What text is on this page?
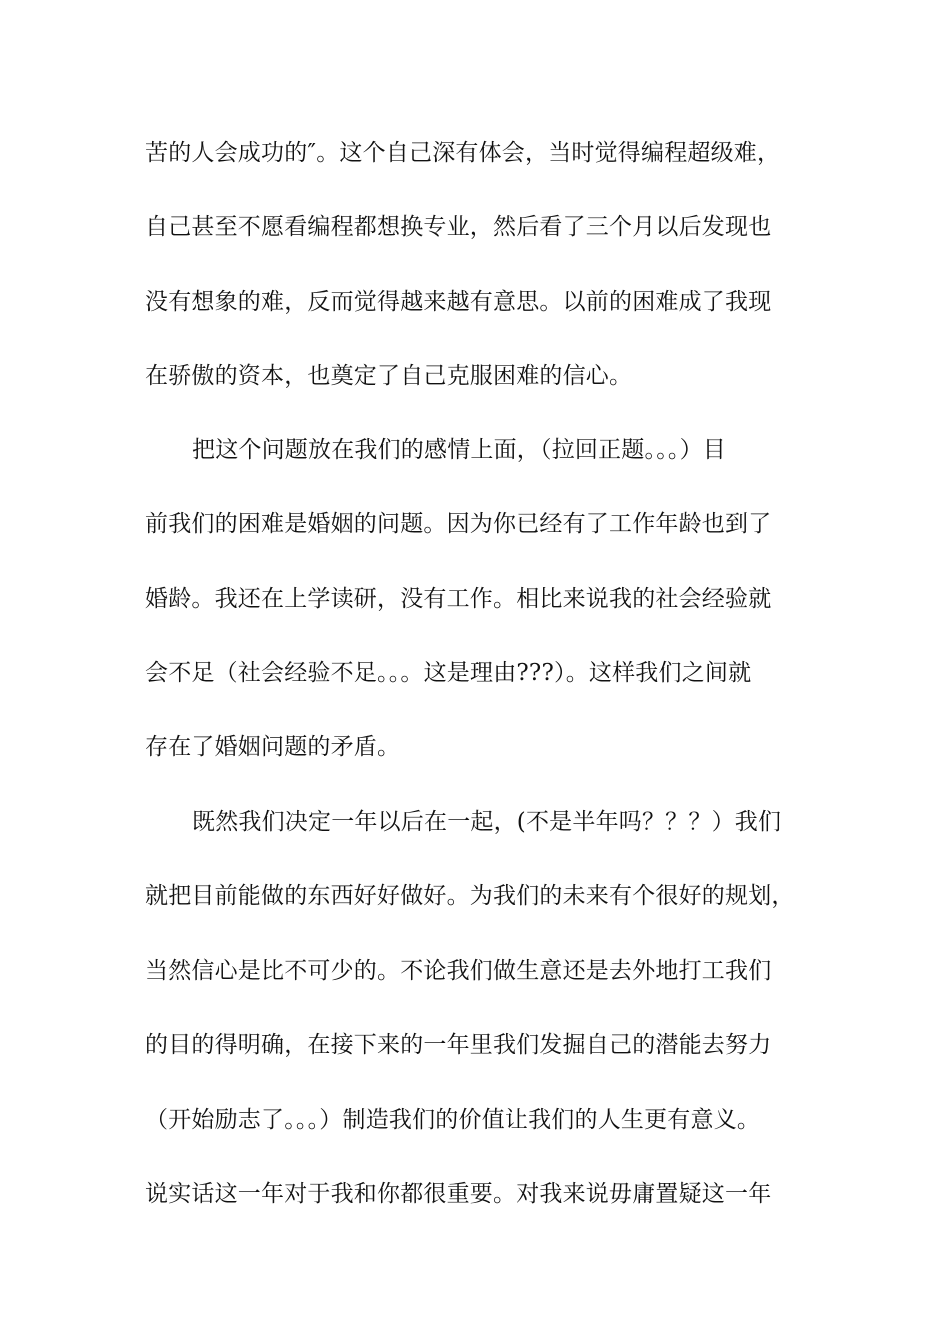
苦的人会成功的″。这个自己深有体会，当时觉得编程超级难，
自己甚至不愿看编程都想换专业，然后看了三个月以后发现也
没有想象的难，反而觉得越来越有意思。以前的困难成了我现
在骄傲的资本，也奠定了自己克服困难的信心。
把这个问题放在我们的感情上面，（拉回正题。。。）目
前我们的困难是婚姻的问题。因为你已经有了工作年龄也到了
婚龄。我还在上学读研，没有工作。相比来说我的社会经验就
会不足（社会经验不足。。。这是理由???）。这样我们之间就
存在了婚姻问题的矛盾。
既然我们决定一年以后在一起，(不是半年吗？？？）我们
就把目前能做的东西好好做好。为我们的未来有个很好的规划，
当然信心是比不可少的。不论我们做生意还是去外地打工我们
的目的得明确，在接下来的一年里我们发掘自己的潜能去努力
（开始励志了。。。）制造我们的价值让我们的人生更有意义。
说实话这一年对于我和你都很重要。对我来说毋庸置疑这一年
